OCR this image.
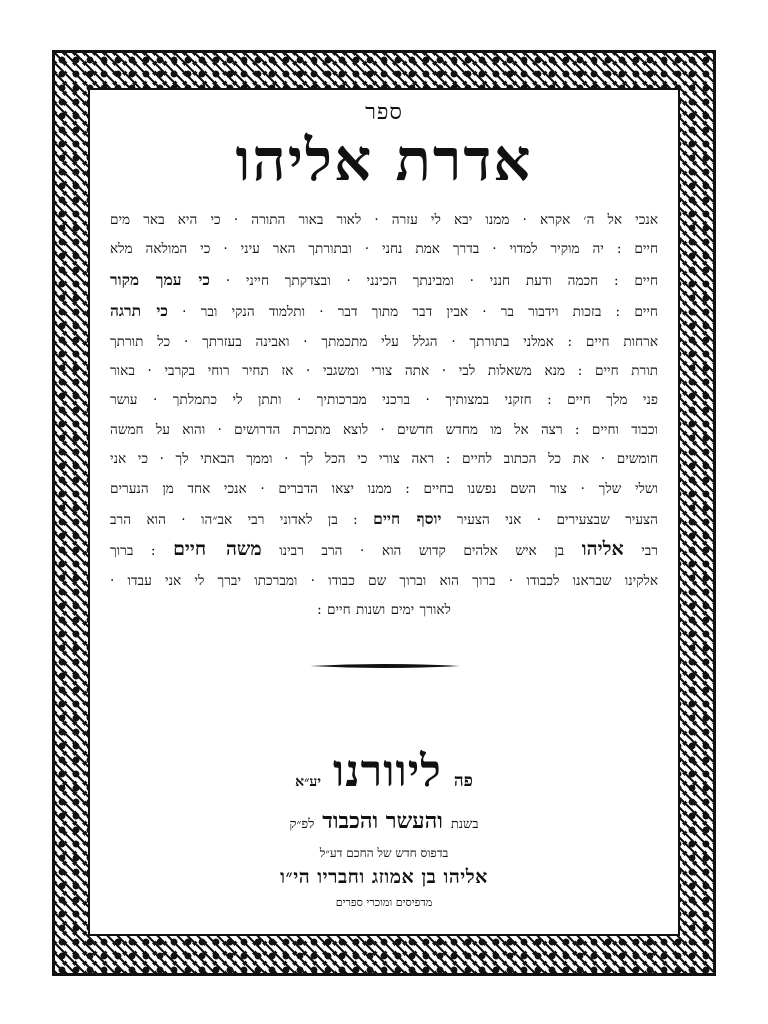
ספר
אדרת אליהו
אנכי אל ה׳ אקרא · ממנו יבא לי עזרה · לאור באור התורה · כי היא באר מים
חיים : יה מוקיר למדוי · בדרך אמת נחני · ובתורתך האר עיני · כי המולאה מלא
חיים : חכמה ודעת חנני · ומבינתך הכינני · ובצדקתך חייני · כי עמך מקור
חיים : בזכות וידבור בר · אבין דבר מתוך דבר · ותלמוד הנקי ובר · כי תרגה
ארחות חיים : אמלני בתורתך · הגלל עלי מתכמתך · ואבינה בעזרתך · כל תורתך
תורת חיים : מנא משאלות לבי · אתה צורי ומשגבי · אז תחיר רוחי בקרבי · באור
פני מלך חיים : חזקני במצותיך · ברכני מברכותיך · ותתן לי כתמלתך · עושר
וכבוד וחיים : רצה אל מו מחדש חדשים · לוצא מתכרת הדרושים · והוא על חמשה
חומשים · את כל הכתוב לחיים : ראה צורי כי הכל לך · וממך הבאתי לך · כי אני
ושלי שלך · צור השם נפשנו בחיים : ממנו יצאו הדברים · אנכי אחד מן הנערים
הצעיר שבצעירים · אני הצעיר יוסף חיים : בן לאדוני רבי אב״הו · הוא הרב
רבי אליהו בן איש אלהים קדוש הוא · הרב רבינו משה חיים : ברוך
אלקינו שבראנו לכבודו · ברוך הוא וברוך שם כבודו · ומברכתו יברך לי אני עבדו ·
לאורך ימים ושנות חיים :
פה
ליוורנו
יע״א
בשנת
והעשר והכבוד
לפ״ק
בדפוס חדש של החכם דע״ל
אליהו בן אמוזג וחבריו הי״ו
מדפיסים ומוכרי ספרים
